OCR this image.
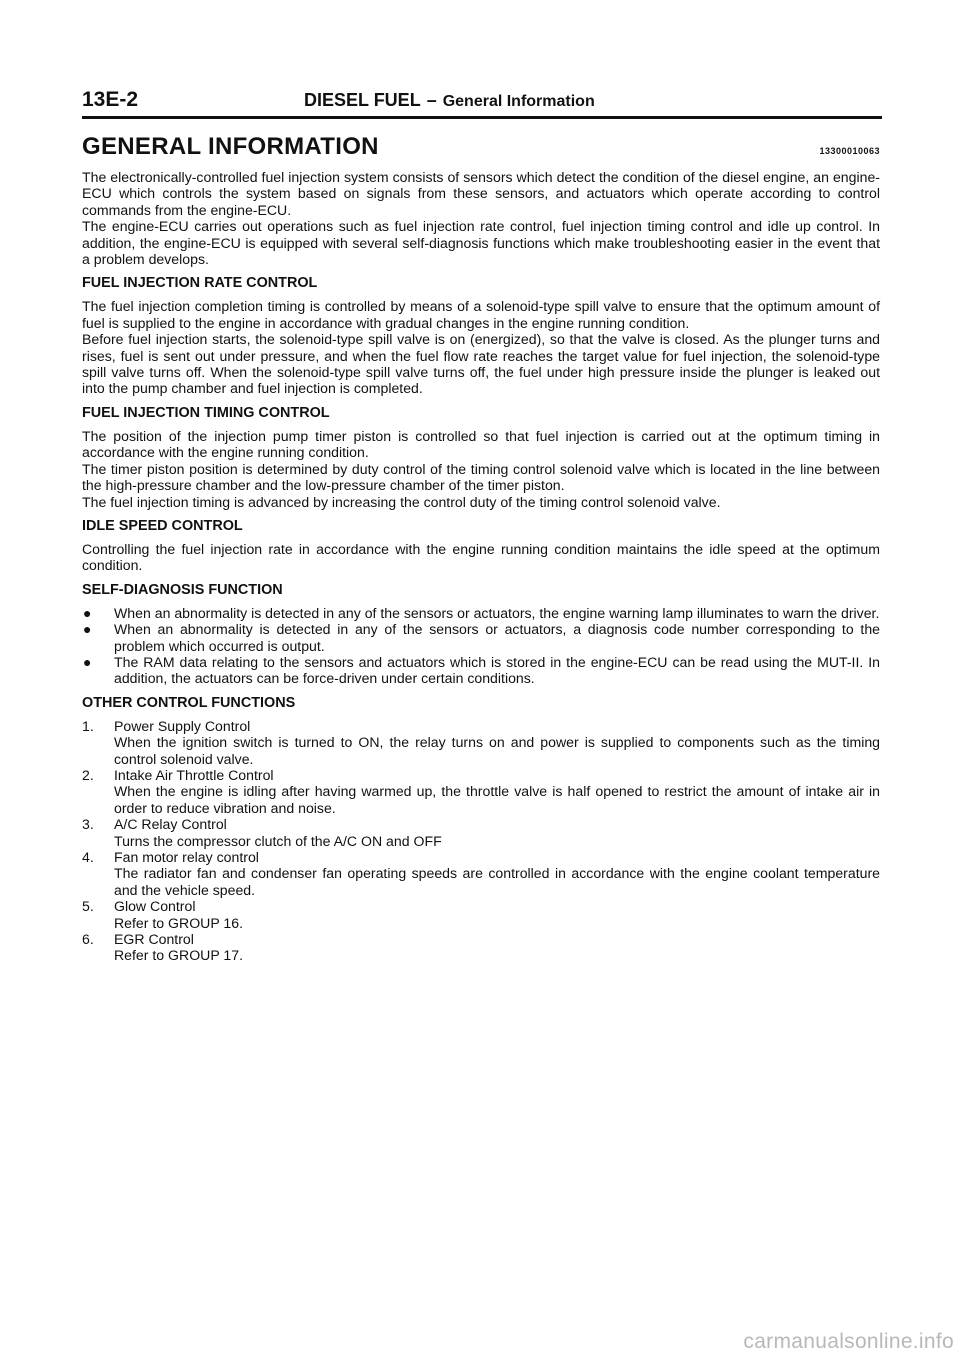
13E-2	DIESEL FUEL – General Information
GENERAL INFORMATION	13300010063

The electronically-controlled fuel injection system consists of sensors which detect the condition of the diesel engine, an engine-ECU which controls the system based on signals from these sensors, and actuators which operate according to control commands from the engine-ECU.

The engine-ECU carries out operations such as fuel injection rate control, fuel injection timing control and idle up control. In addition, the engine-ECU is equipped with several self-diagnosis functions which make troubleshooting easier in the event that a problem develops.

FUEL INJECTION RATE CONTROL

The fuel injection completion timing is controlled by means of a solenoid-type spill valve to ensure that the optimum amount of fuel is supplied to the engine in accordance with gradual changes in the engine running condition.

Before fuel injection starts, the solenoid-type spill valve is on (energized), so that the valve is closed. As the plunger turns and rises, fuel is sent out under pressure, and when the fuel flow rate reaches the target value for fuel injection, the solenoid-type spill valve turns off. When the solenoid-type spill valve turns off, the fuel under high pressure inside the plunger is leaked out into the pump chamber and fuel injection is completed.

FUEL INJECTION TIMING CONTROL

The position of the injection pump timer piston is controlled so that fuel injection is carried out at the optimum timing in accordance with the engine running condition.

The timer piston position is determined by duty control of the timing control solenoid valve which is located in the line between the high-pressure chamber and the low-pressure chamber of the timer piston.

The fuel injection timing is advanced by increasing the control duty of the timing control solenoid valve.

IDLE SPEED CONTROL

Controlling the fuel injection rate in accordance with the engine running condition maintains the idle speed at the optimum condition.

SELF-DIAGNOSIS FUNCTION
● When an abnormality is detected in any of the sensors or actuators, the engine warning lamp illuminates to warn the driver.
● When an abnormality is detected in any of the sensors or actuators, a diagnosis code number corresponding to the problem which occurred is output.
● The RAM data relating to the sensors and actuators which is stored in the engine-ECU can be read using the MUT-II. In addition, the actuators can be force-driven under certain conditions.
OTHER CONTROL FUNCTIONS
1. Power Supply Control
When the ignition switch is turned to ON, the relay turns on and power is supplied to components such as the timing control solenoid valve.
2. Intake Air Throttle Control
When the engine is idling after having warmed up, the throttle valve is half opened to restrict the amount of intake air in order to reduce vibration and noise.
3. A/C Relay Control
Turns the compressor clutch of the A/C ON and OFF
4. Fan motor relay control
The radiator fan and condenser fan operating speeds are controlled in accordance with the engine coolant temperature and the vehicle speed.
5. Glow Control
Refer to GROUP 16.
6. EGR Control
Refer to GROUP 17.
carmanualsonline.info
